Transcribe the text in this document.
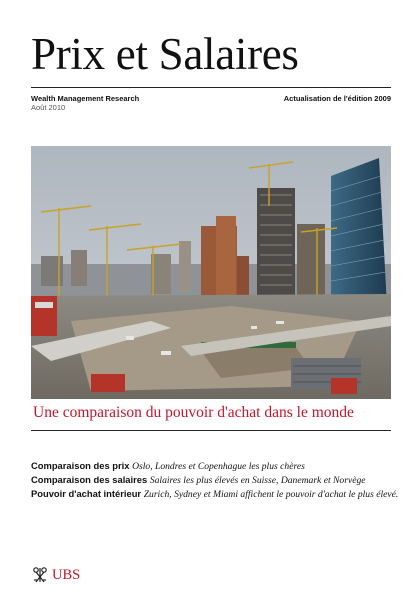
Prix et Salaires
Wealth Management Research
Août 2010
Actualisation de l'édition 2009
Une comparaison du pouvoir d'achat dans le monde
Comparaison des prix Oslo, Londres et Copenhague les plus chères
Comparaison des salaires Salaires les plus élevés en Suisse, Danemark et Norvège
Pouvoir d'achat intérieur Zurich, Sydney et Miami affichent le pouvoir d'achat le plus élevé.
UBS
